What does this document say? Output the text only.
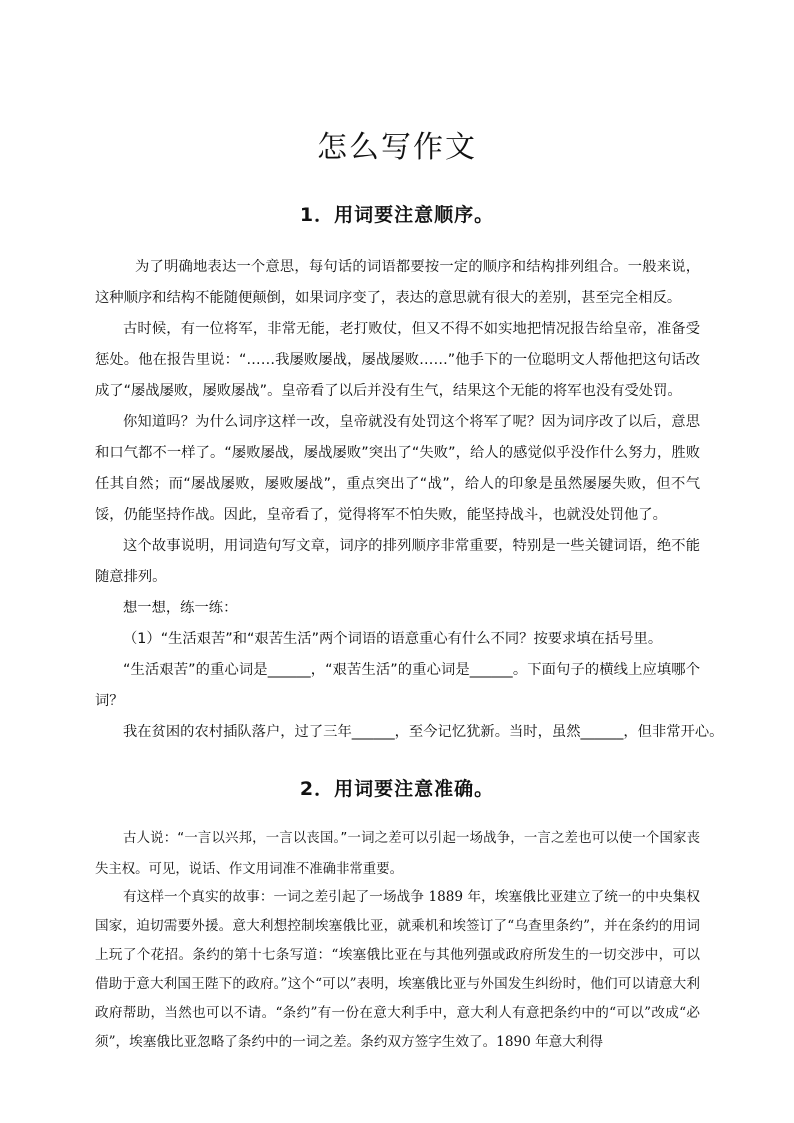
怎么写作文
1．用词要注意顺序。

为了明确地表达一个意思，每句话的词语都要按一定的顺序和结构排列组合。一般来说，这种顺序和结构不能随便颠倒，如果词序变了，表达的意思就有很大的差别，甚至完全相反。

古时候，有一位将军，非常无能，老打败仗，但又不得不如实地把情况报告给皇帝，准备受惩处。他在报告里说：“……我屡败屡战，屡战屡败……”他手下的一位聪明文人帮他把这句话改成了“屡战屡败，屡败屡战”。皇帝看了以后并没有生气，结果这个无能的将军也没有受处罚。

你知道吗？为什么词序这样一改，皇帝就没有处罚这个将军了呢？因为词序改了以后，意思和口气都不一样了。“屡败屡战，屡战屡败”突出了“失败”，给人的感觉似乎没作什么努力，胜败任其自然；而“屡战屡败，屡败屡战”，重点突出了“战”，给人的印象是虽然屡屡失败，但不气馁，仍能坚持作战。因此，皇帝看了，觉得将军不怕失败，能坚持战斗，也就没处罚他了。

这个故事说明，用词造句写文章，词序的排列顺序非常重要，特别是一些关键词语，绝不能随意排列。

想一想，练一练：

（1）“生活艰苦”和“艰苦生活”两个词语的语意重心有什么不同？按要求填在括号里。

“生活艰苦”的重心词是______，“艰苦生活”的重心词是______。下面句子的横线上应填哪个词？

我在贫困的农村插队落户，过了三年______，至今记忆犹新。当时，虽然______，但非常开心。

2．用词要注意准确。

古人说：“一言以兴邦，一言以丧国。”一词之差可以引起一场战争，一言之差也可以使一个国家丧失主权。可见，说话、作文用词准不准确非常重要。

有这样一个真实的故事：一词之差引起了一场战争 1889 年，埃塞俄比亚建立了统一的中央集权国家，迫切需要外援。意大利想控制埃塞俄比亚，就乘机和埃签订了“乌查里条约”，并在条约的用词上玩了个花招。条约的第十七条写道：“埃塞俄比亚在与其他列强或政府所发生的一切交涉中，可以借助于意大利国王陛下的政府。”这个“可以”表明，埃塞俄比亚与外国发生纠纷时，他们可以请意大利政府帮助，当然也可以不请。“条约”有一份在意大利手中，意大利人有意把条约中的“可以”改成“必须”，埃塞俄比亚忽略了条约中的一词之差。条约双方签字生效了。1890 年意大利得
